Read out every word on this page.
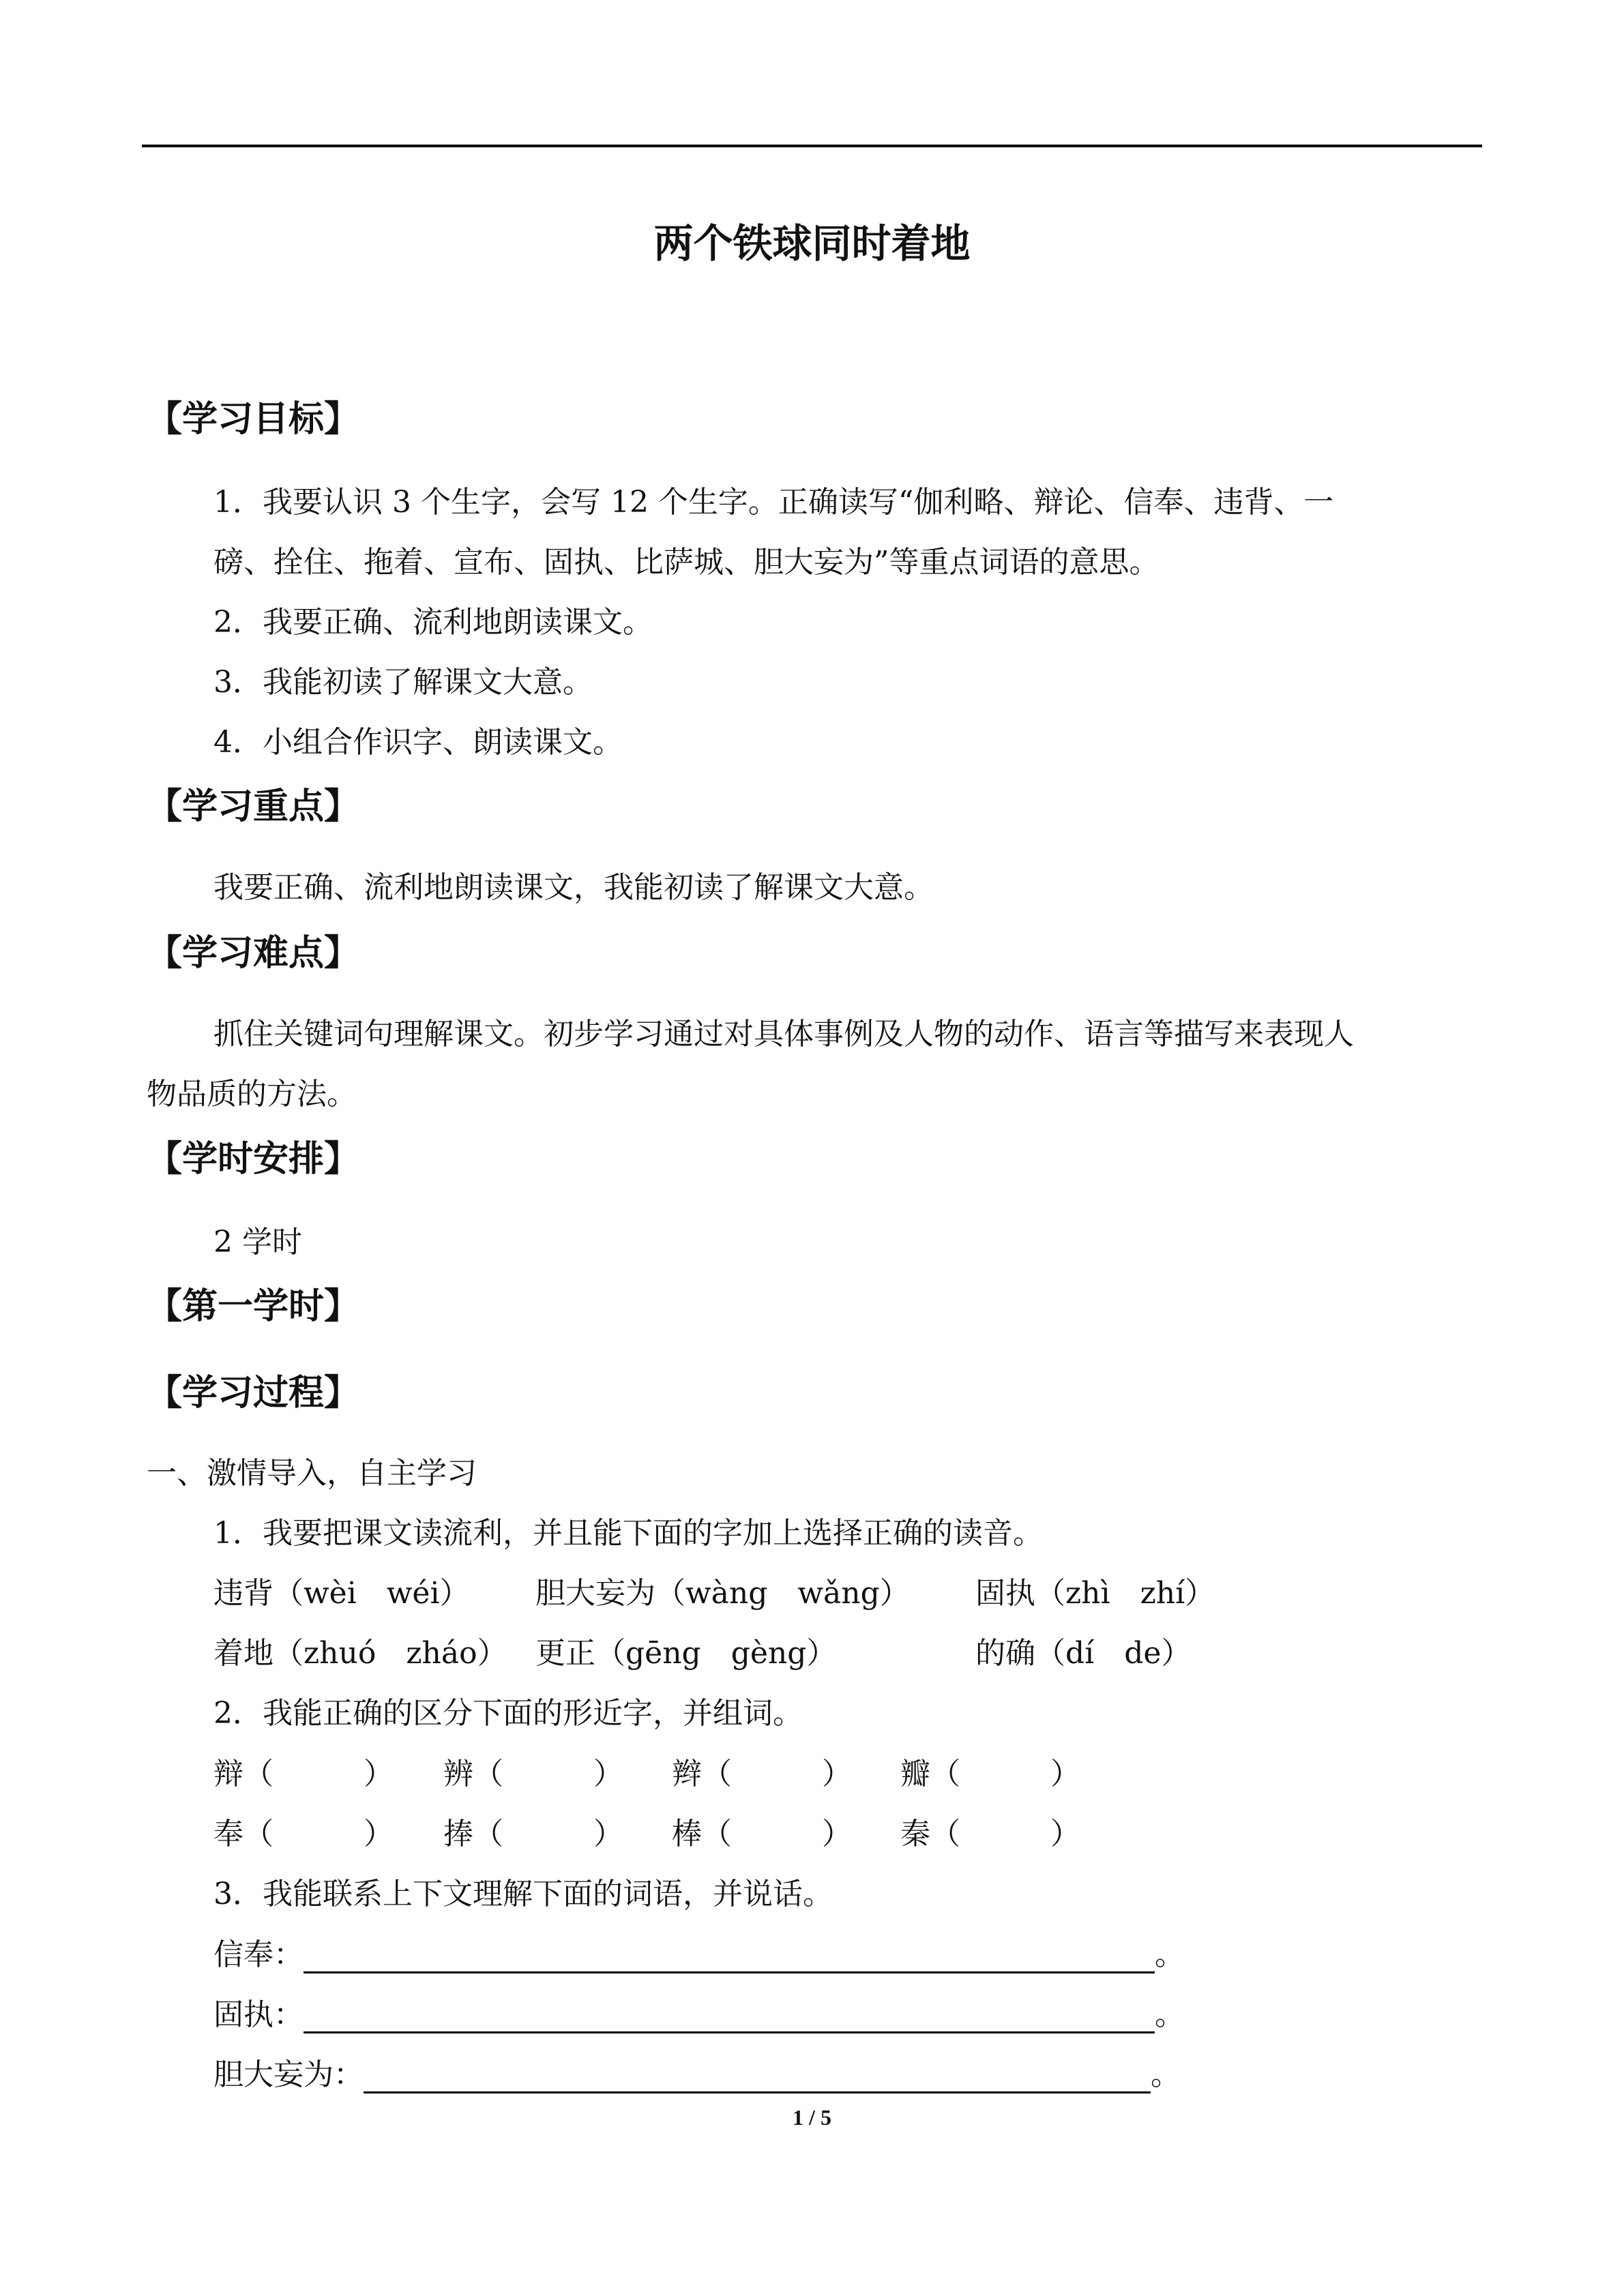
两个铁球同时着地
【学习目标】
1．我要认识 3 个生字，会写 12 个生字。正确读写“伽利略、辩论、信奉、违背、一
磅、拴住、拖着、宣布、固执、比萨城、胆大妄为”等重点词语的意思。
2．我要正确、流利地朗读课文。
3．我能初读了解课文大意。
4．小组合作识字、朗读课文。
【学习重点】
我要正确、流利地朗读课文，我能初读了解课文大意。
【学习难点】
抓住关键词句理解课文。初步学习通过对具体事例及人物的动作、语言等描写来表现人
物品质的方法。
【学时安排】
2 学时
【第一学时】
【学习过程】
一、激情导入，自主学习
1．我要把课文读流利，并且能下面的字加上选择正确的读音。
违背（wèi　wéi） 胆大妄为（wàng　wǎng） 固执（zhì　zhí）
着地（zhuó　zháo） 更正（gēng　gèng）	的确（dí　de）
2．我能正确的区分下面的形近字，并组词。
辩（　　　） 辨（　　　） 辫（　　　） 瓣（　　　）
奉（　　　） 捧（　　　） 棒（　　　） 秦（　　　）
3．我能联系上下文理解下面的词语，并说话。
信奉：	。
固执：	。
胆大妄为：	。
1 / 5
